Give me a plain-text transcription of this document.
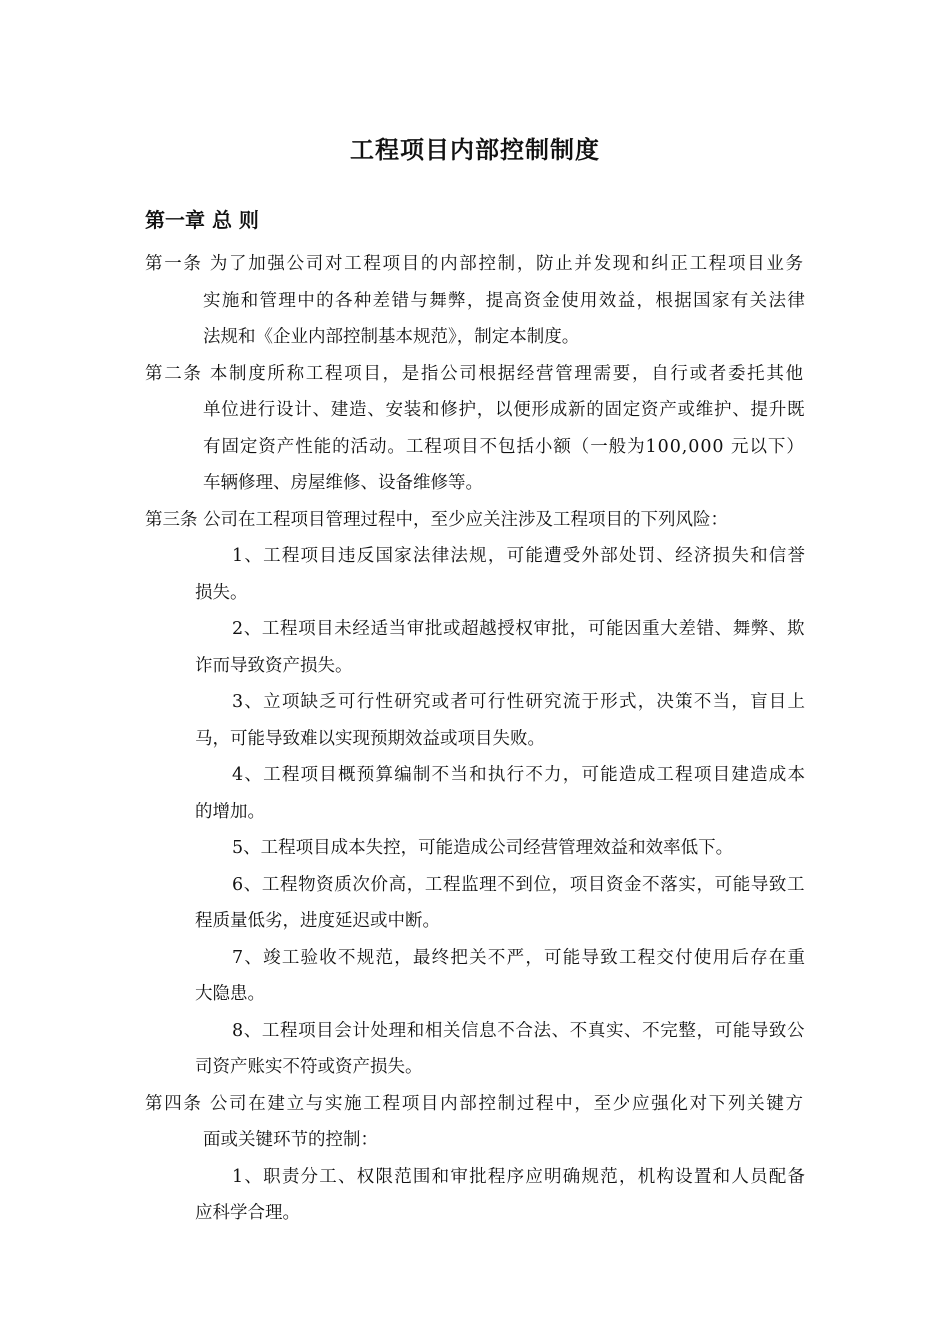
工程项目内部控制制度
第一章 总 则
第一条 为了加强公司对工程项目的内部控制，防止并发现和纠正工程项目业务
实施和管理中的各种差错与舞弊，提高资金使用效益，根据国家有关法律
法规和《企业内部控制基本规范》，制定本制度。
第二条 本制度所称工程项目，是指公司根据经营管理需要，自行或者委托其他
单位进行设计、建造、安装和修护，以便形成新的固定资产或维护、提升既
有固定资产性能的活动。工程项目不包括小额（一般为100,000 元以下）
车辆修理、房屋维修、设备维修等。
第三条 公司在工程项目管理过程中，至少应关注涉及工程项目的下列风险：
1、工程项目违反国家法律法规，可能遭受外部处罚、经济损失和信誉
损失。
2、工程项目未经适当审批或超越授权审批，可能因重大差错、舞弊、欺
诈而导致资产损失。
3、立项缺乏可行性研究或者可行性研究流于形式，决策不当，盲目上
马，可能导致难以实现预期效益或项目失败。
4、工程项目概预算编制不当和执行不力，可能造成工程项目建造成本
的增加。
5、工程项目成本失控，可能造成公司经营管理效益和效率低下。
6、工程物资质次价高，工程监理不到位，项目资金不落实，可能导致工
程质量低劣，进度延迟或中断。
7、竣工验收不规范，最终把关不严，可能导致工程交付使用后存在重
大隐患。
8、工程项目会计处理和相关信息不合法、不真实、不完整，可能导致公
司资产账实不符或资产损失。
第四条 公司在建立与实施工程项目内部控制过程中，至少应强化对下列关键方
面或关键环节的控制：
1、职责分工、权限范围和审批程序应明确规范，机构设置和人员配备
应科学合理。
